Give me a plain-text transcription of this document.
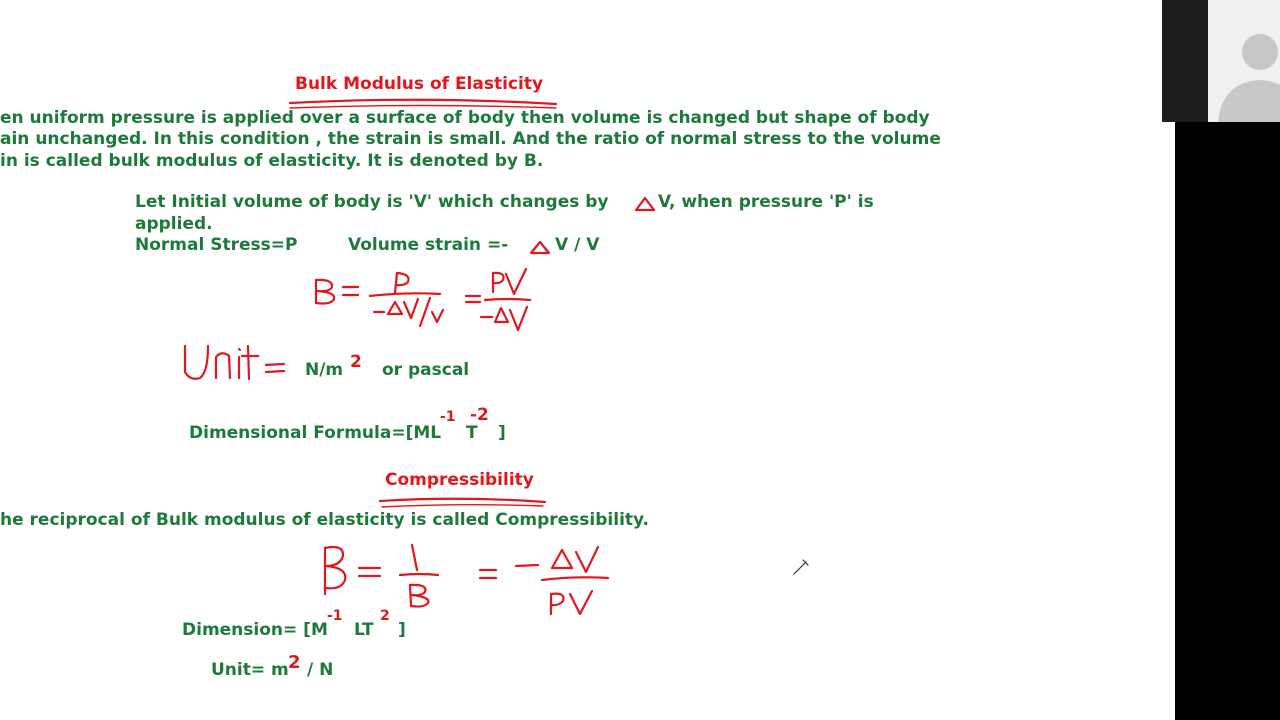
Bulk Modulus of Elasticity
en uniform pressure is applied over a surface of body then volume is changed but shape of body
ain unchanged. In this condition , the strain is small. And the ratio of normal stress to the volume
in is called bulk modulus of elasticity. It is denoted by B.
Let Initial volume of body is 'V' which changes by	V, when pressure 'P' is
applied.
Normal Stress=P	Volume strain =-	V / V
N/m 2 or pascal
Dimensional Formula=[ML
-1
T
-2
]
Compressibility
he reciprocal of Bulk modulus of elasticity is called Compressibility.
Dimension= [M
-1
LT
2
]
Unit= m 2 / N
